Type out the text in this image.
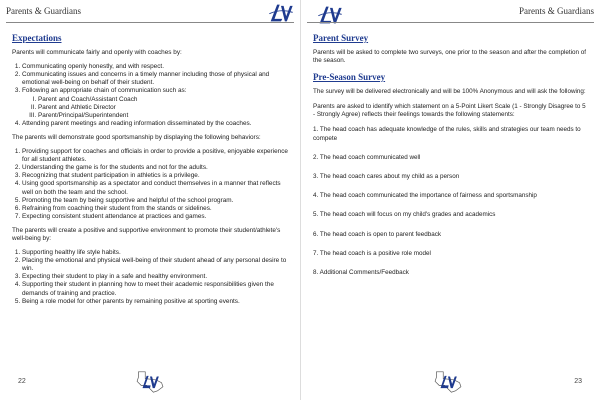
Parents & Guardians
Expectations

Parents will communicate fairly and openly with coaches by:

1. Communicating openly honestly, and with respect.
2. Communicating issues and concerns in a timely manner including those of physical and emotional well-being on behalf of their student.
3. Following an appropriate chain of communication such as:
I. Parent and Coach/Assistant Coach
II. Parent and Athletic Director
III. Parent/Principal/Superintendent
4. Attending parent meetings and reading information disseminated by the coaches.

The parents will demonstrate good sportsmanship by displaying the following behaviors:

1. Providing support for coaches and officials in order to provide a positive, enjoyable experience for all student athletes.
2. Understanding the game is for the students and not for the adults.
3. Recognizing that student participation in athletics is a privilege.
4. Using good sportsmanship as a spectator and conduct themselves in a manner that reflects well on both the team and the school.
5. Promoting the team by being supportive and helpful of the school program.
6. Refraining from coaching their student from the stands or sidelines.
7. Expecting consistent student attendance at practices and games.

The parents will create a positive and supportive environment to promote their student/athlete's well-being by:

1. Supporting healthy life style habits.
2. Placing the emotional and physical well-being of their student ahead of any personal desire to win.
3. Expecting their student to play in a safe and healthy environment.
4. Supporting their student in planning how to meet their academic responsibilities given the demands of training and practice.
5. Being a role model for other parents by remaining positive at sporting events.
22
Parents & Guardians
Parent Survey

Parents will be asked to complete two surveys, one prior to the season and after the completion of the season.

Pre-Season Survey

The survey will be delivered electronically and will be 100% Anonymous and will ask the following:

Parents are asked to identify which statement on a 5-Point Likert Scale (1 - Strongly Disagree to 5 - Strongly Agree) reflects their feelings towards the following statements:

1. The head coach has adequate knowledge of the rules, skills and strategies our team needs to compete
2. The head coach communicated well
3. The head coach cares about my child as a person
4. The head coach communicated the importance of fairness and sportsmanship
5. The head coach will focus on my child's grades and academics
6. The head coach is open to parent feedback
7. The head coach is a positive role model
8. Additional Comments/Feedback
23
